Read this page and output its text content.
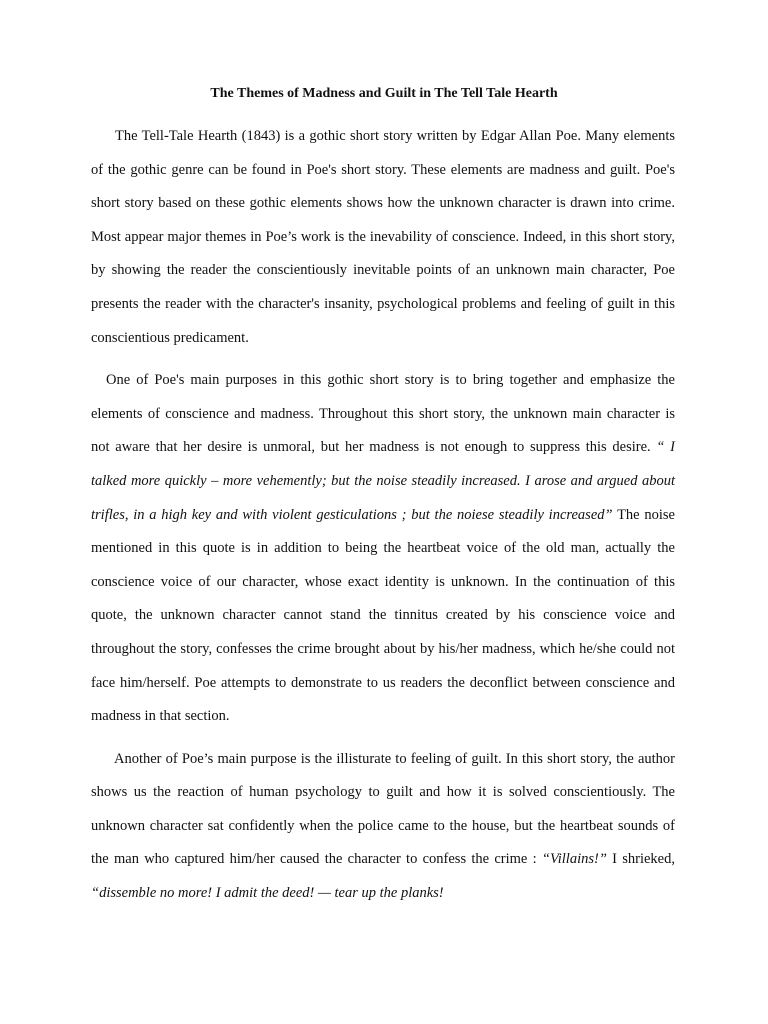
The Themes of Madness and Guilt in The Tell Tale Hearth

The Tell-Tale Hearth (1843) is a gothic short story written by Edgar Allan Poe. Many elements of the gothic genre can be found in Poe's short story. These elements are madness and guilt. Poe's short story based on these gothic elements shows how the unknown character is drawn into crime. Most appear major themes in Poe’s work is the inevability of conscience. Indeed, in this short story, by showing the reader the conscientiously inevitable points of an unknown main character, Poe presents the reader with the character's insanity, psychological problems and feeling of guilt in this conscientious predicament.

One of Poe's main purposes in this gothic short story is to bring together and emphasize the elements of conscience and madness. Throughout this short story, the unknown main character is not aware that her desire is unmoral, but her madness is not enough to suppress this desire. “ I talked more quickly – more vehemently; but the noise steadily increased. I arose and argued about trifles, in a high key and with violent gesticulations ; but the noiese steadily increased” The noise mentioned in this quote is in addition to being the heartbeat voice of the old man, actually the conscience voice of our character, whose exact identity is unknown. In the continuation of this quote, the unknown character cannot stand the tinnitus created by his conscience voice and throughout the story, confesses the crime brought about by his/her madness, which he/she could not face him/herself. Poe attempts to demonstrate to us readers the deconflict between conscience and madness in that section.

Another of Poe’s main purpose is the illisturate to feeling of guilt. In this short story, the author shows us the reaction of human psychology to guilt and how it is solved conscientiously. The unknown character sat confidently when the police came to the house, but the heartbeat sounds of the man who captured him/her caused the character to confess the crime : “Villains!” I shrieked, “dissemble no more! I admit the deed! — tear up the planks!
